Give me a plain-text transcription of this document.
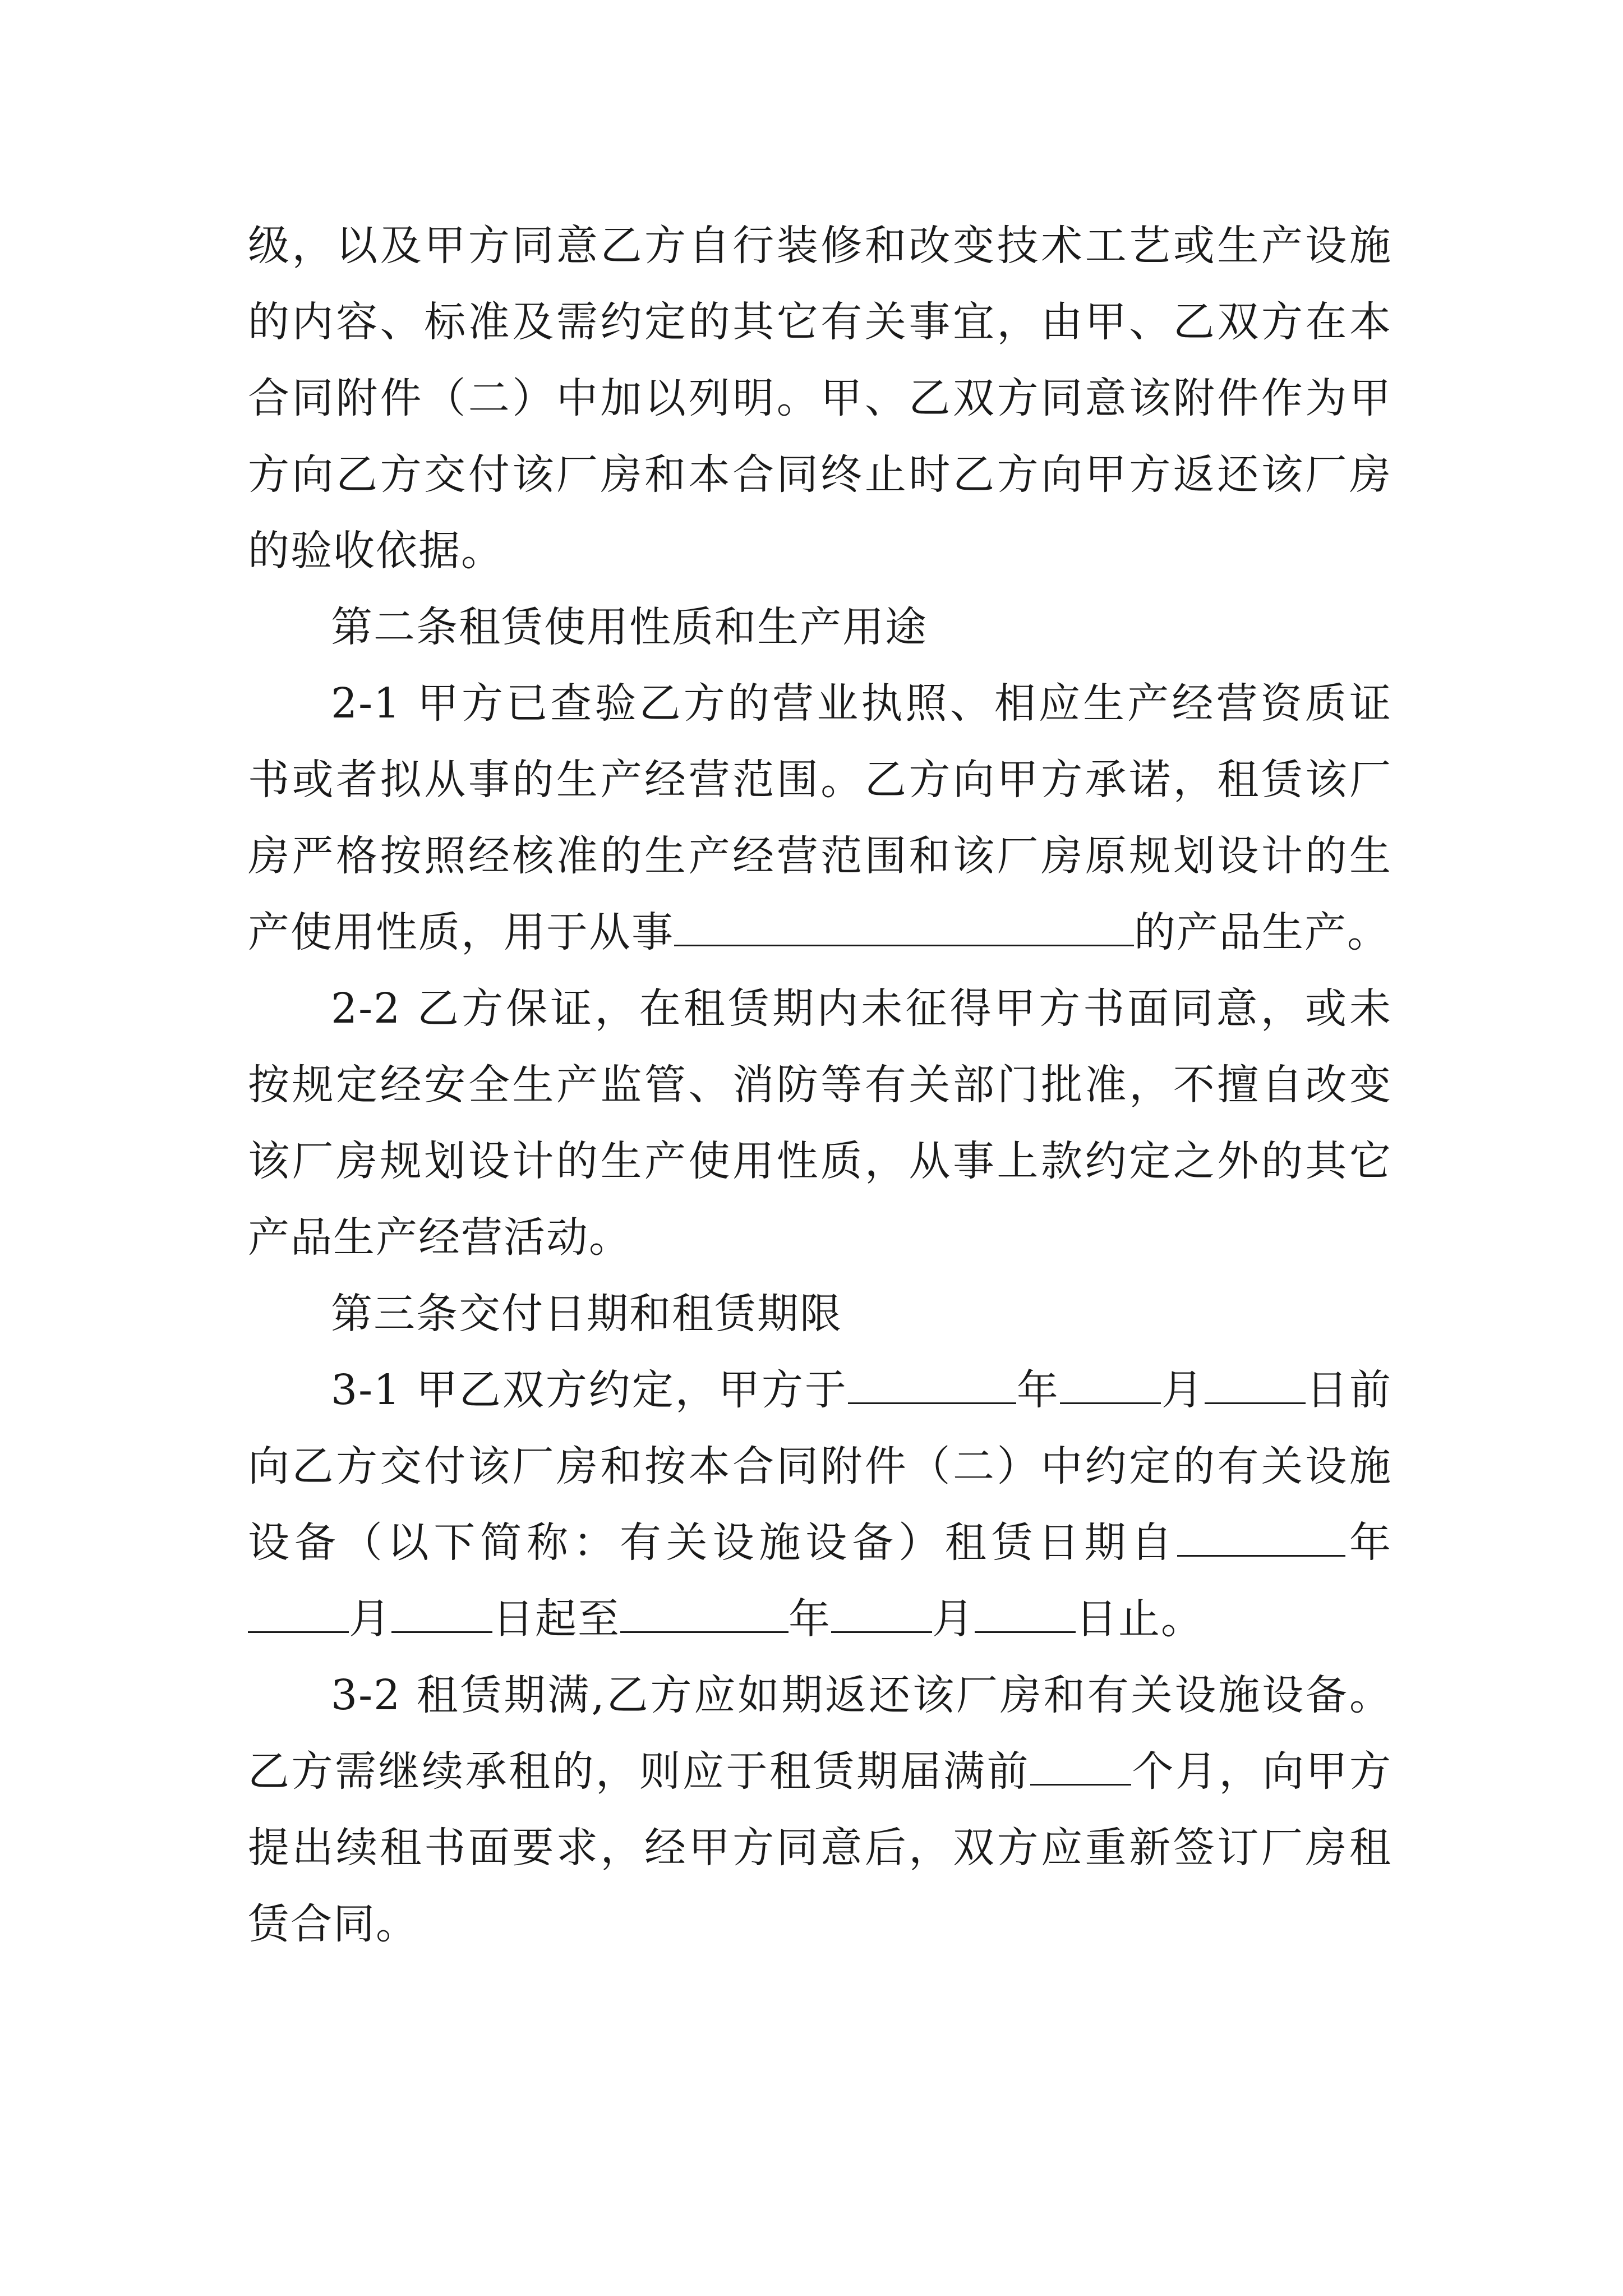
级，以及甲方同意乙方自行装修和改变技术工艺或生产设施的内容、标准及需约定的其它有关事宜，由甲、乙双方在本合同附件（二）中加以列明。甲、乙双方同意该附件作为甲方向乙方交付该厂房和本合同终止时乙方向甲方返还该厂房的验收依据。

第二条租赁使用性质和生产用途

2-1 甲方已查验乙方的营业执照、相应生产经营资质证书或者拟从事的生产经营范围。乙方向甲方承诺，租赁该厂房严格按照经核准的生产经营范围和该厂房原规划设计的生产使用性质，用于从事	的产品生产。

2-2 乙方保证，在租赁期内未征得甲方书面同意，或未按规定经安全生产监管、消防等有关部门批准，不擅自改变该厂房规划设计的生产使用性质，从事上款约定之外的其它产品生产经营活动。

第三条交付日期和租赁期限

3-1 甲乙双方约定，甲方于	年 月 日前向乙方交付该厂房和按本合同附件（二）中约定的有关设施设备（以下简称：有关设施设备）租赁日期自	年月 日起至	年 月 日止。

3-2 租赁期满,乙方应如期返还该厂房和有关设施设备。乙方需继续承租的，则应于租赁期届满前 个月，向甲方提出续租书面要求，经甲方同意后，双方应重新签订厂房租赁合同。
